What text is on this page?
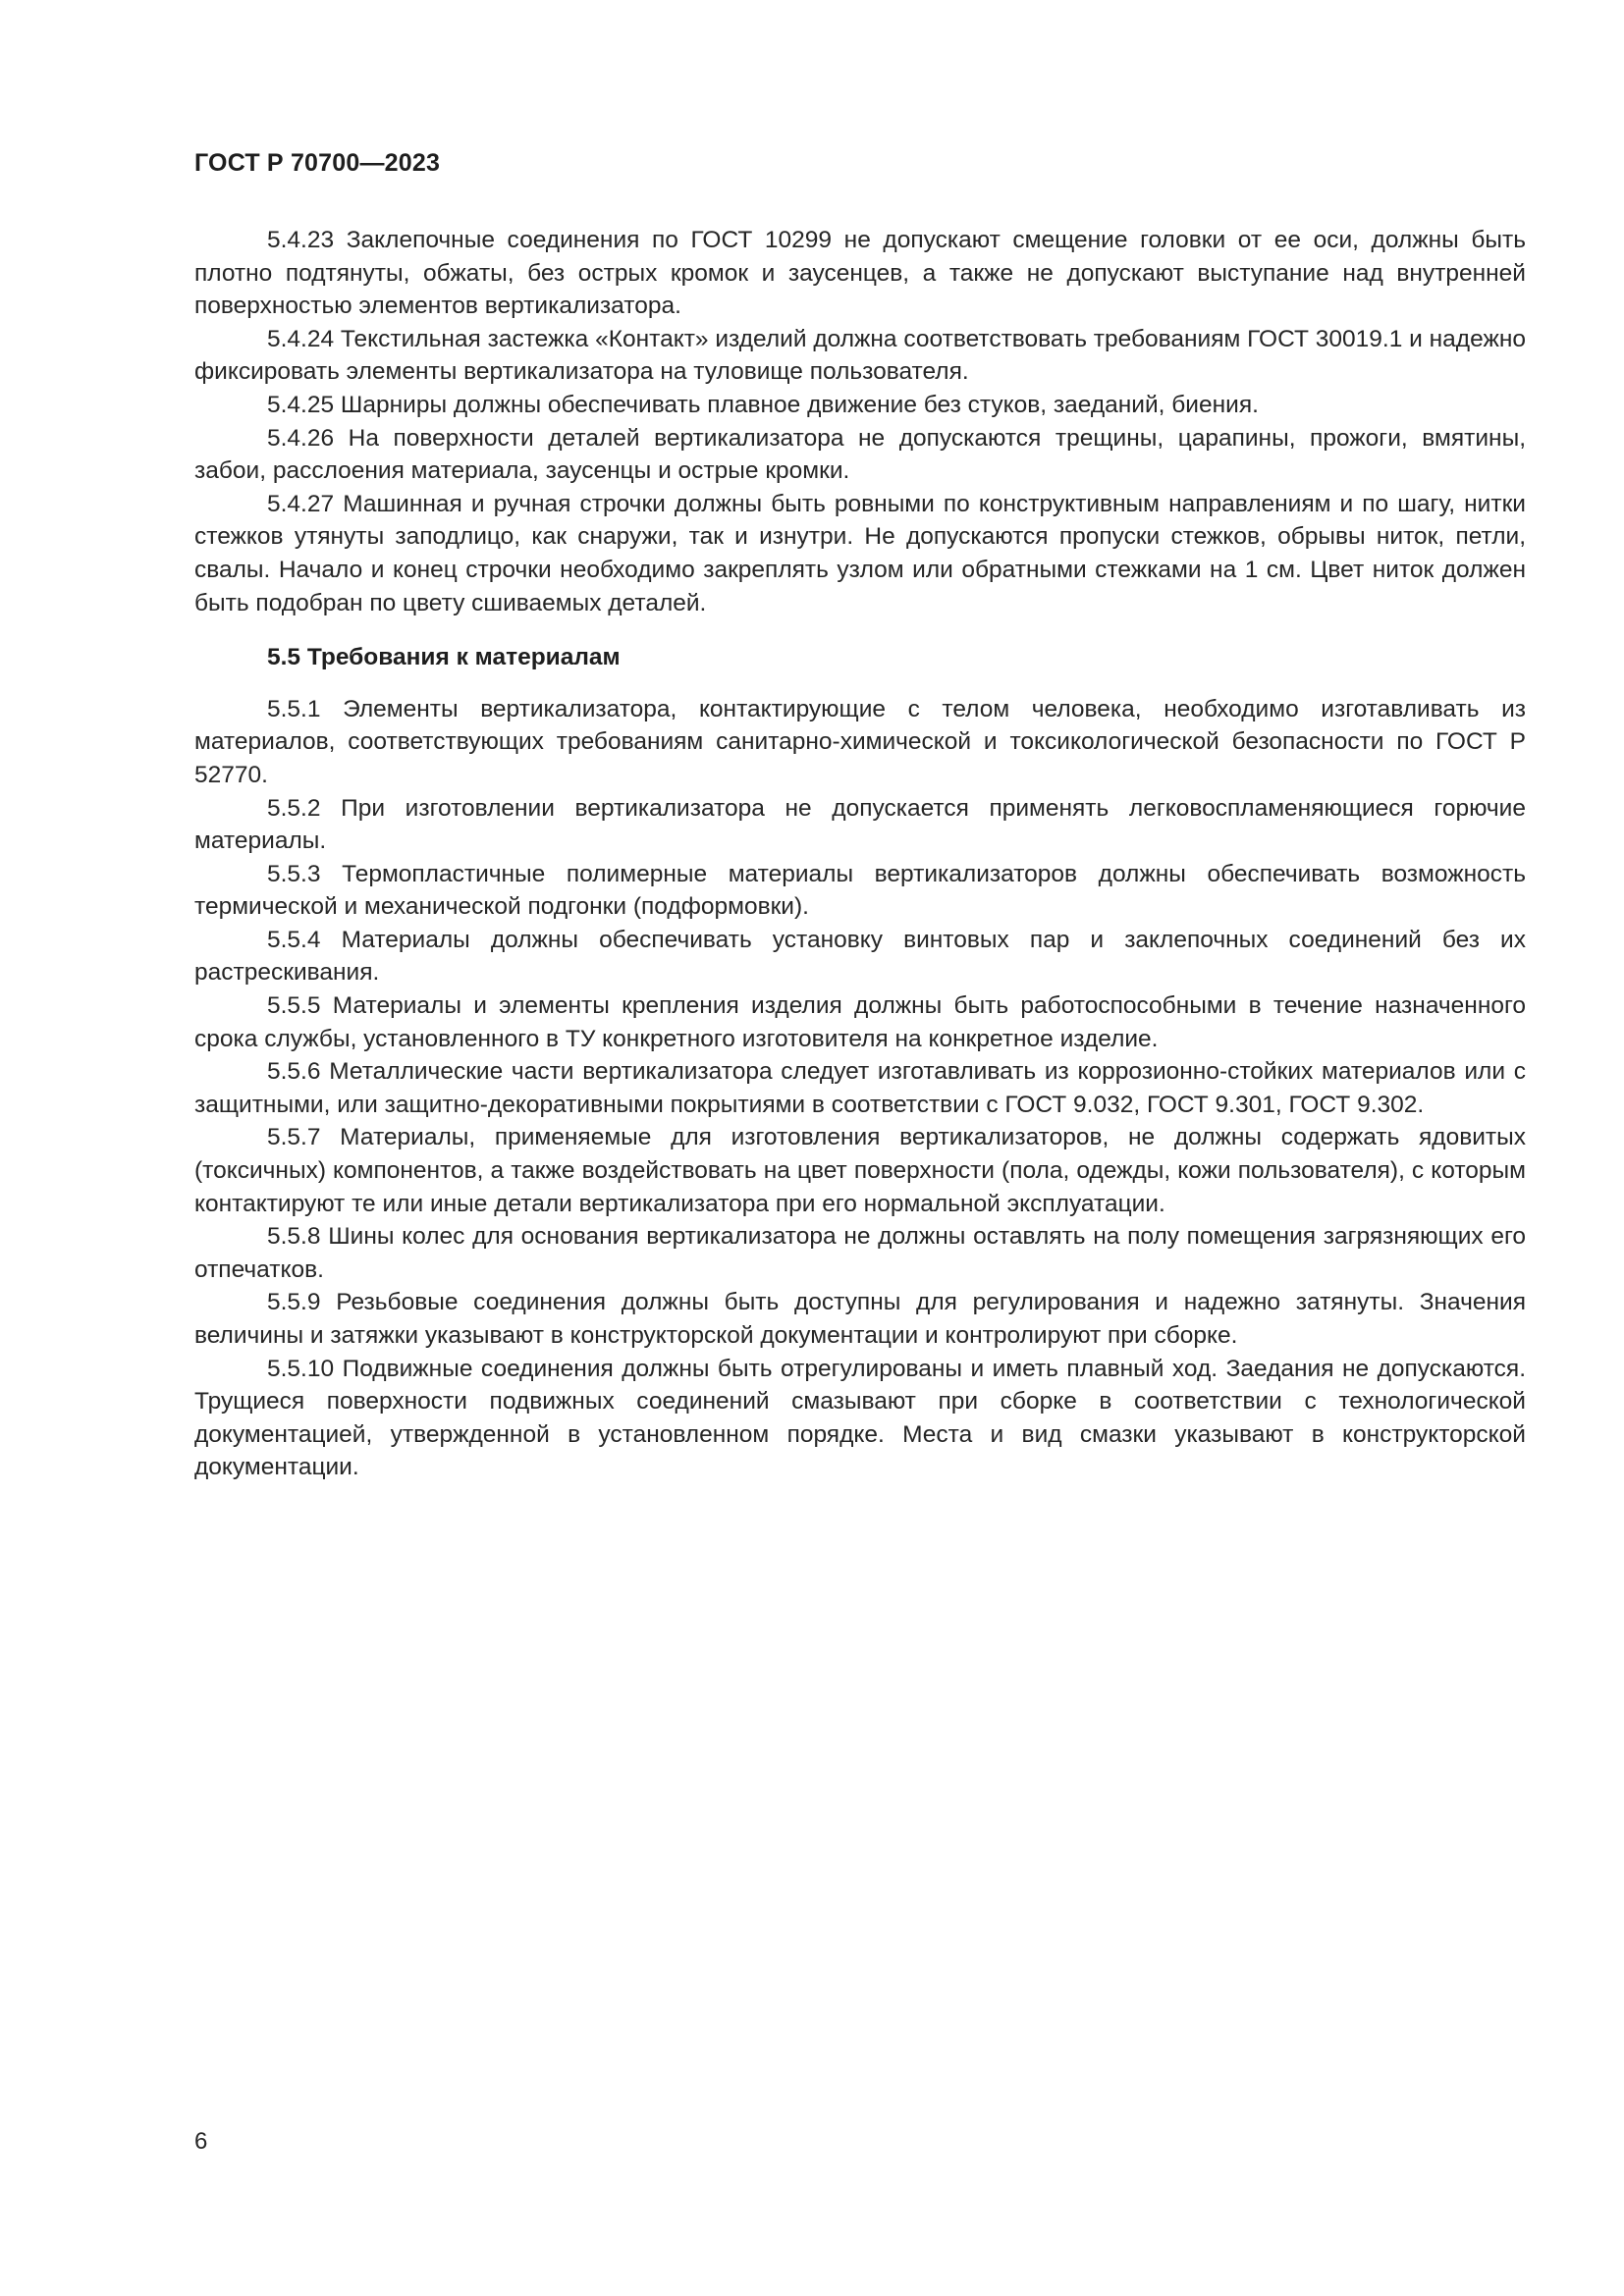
ГОСТ Р 70700—2023

5.4.23 Заклепочные соединения по ГОСТ 10299 не допускают смещение головки от ее оси, должны быть плотно подтянуты, обжаты, без острых кромок и заусенцев, а также не допускают выступание над внутренней поверхностью элементов вертикализатора.

5.4.24 Текстильная застежка «Контакт» изделий должна соответствовать требованиям ГОСТ 30019.1 и надежно фиксировать элементы вертикализатора на туловище пользователя.

5.4.25 Шарниры должны обеспечивать плавное движение без стуков, заеданий, биения.

5.4.26 На поверхности деталей вертикализатора не допускаются трещины, царапины, прожоги, вмятины, забои, расслоения материала, заусенцы и острые кромки.

5.4.27 Машинная и ручная строчки должны быть ровными по конструктивным направлениям и по шагу, нитки стежков утянуты заподлицо, как снаружи, так и изнутри. Не допускаются пропуски стежков, обрывы ниток, петли, свалы. Начало и конец строчки необходимо закреплять узлом или обратными стежками на 1 см. Цвет ниток должен быть подобран по цвету сшиваемых деталей.

5.5 Требования к материалам

5.5.1 Элементы вертикализатора, контактирующие с телом человека, необходимо изготавливать из материалов, соответствующих требованиям санитарно-химической и токсикологической безопасности по ГОСТ Р 52770.

5.5.2 При изготовлении вертикализатора не допускается применять легковоспламеняющиеся горючие материалы.

5.5.3 Термопластичные полимерные материалы вертикализаторов должны обеспечивать возможность термической и механической подгонки (подформовки).

5.5.4 Материалы должны обеспечивать установку винтовых пар и заклепочных соединений без их растрескивания.

5.5.5 Материалы и элементы крепления изделия должны быть работоспособными в течение назначенного срока службы, установленного в ТУ конкретного изготовителя на конкретное изделие.

5.5.6 Металлические части вертикализатора следует изготавливать из коррозионно-стойких материалов или с защитными, или защитно-декоративными покрытиями в соответствии с ГОСТ 9.032, ГОСТ 9.301, ГОСТ 9.302.

5.5.7 Материалы, применяемые для изготовления вертикализаторов, не должны содержать ядовитых (токсичных) компонентов, а также воздействовать на цвет поверхности (пола, одежды, кожи пользователя), с которым контактируют те или иные детали вертикализатора при его нормальной эксплуатации.

5.5.8 Шины колес для основания вертикализатора не должны оставлять на полу помещения загрязняющих его отпечатков.

5.5.9 Резьбовые соединения должны быть доступны для регулирования и надежно затянуты. Значения величины и затяжки указывают в конструкторской документации и контролируют при сборке.

5.5.10 Подвижные соединения должны быть отрегулированы и иметь плавный ход. Заедания не допускаются. Трущиеся поверхности подвижных соединений смазывают при сборке в соответствии с технологической документацией, утвержденной в установленном порядке. Места и вид смазки указывают в конструкторской документации.

6
